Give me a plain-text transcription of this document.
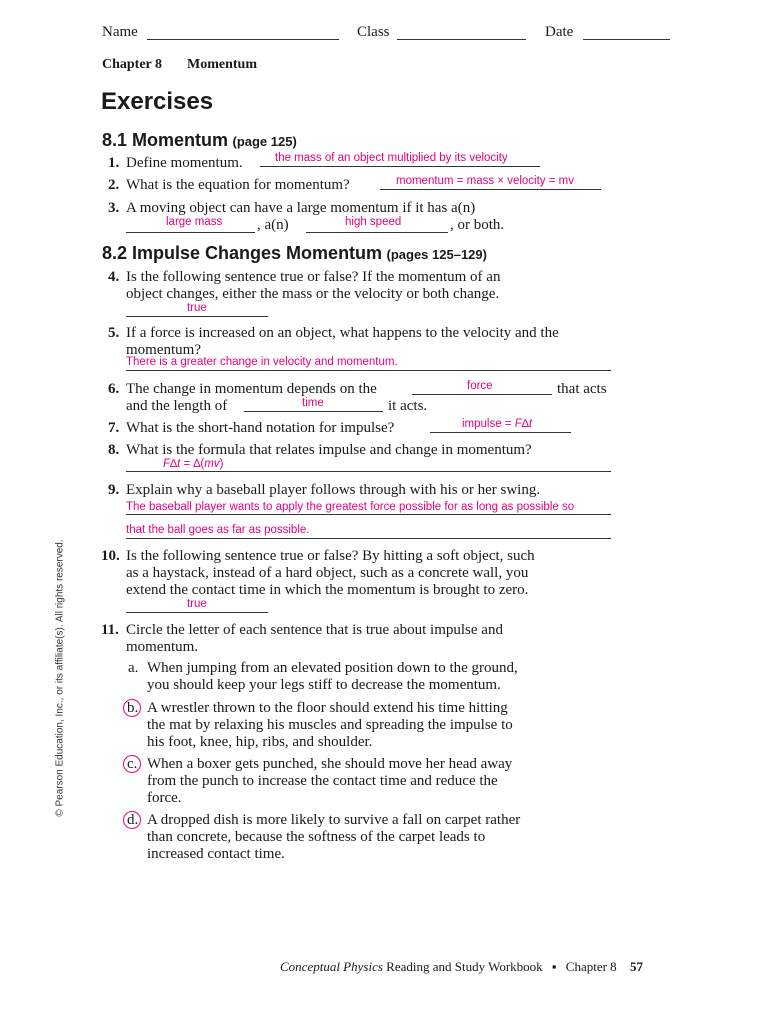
Name	Class	Date
Chapter 8 Momentum
Exercises
8.1 Momentum (page 125)
1. Define momentum.	the mass of an object multiplied by its velocity
2. What is the equation for momentum?	momentum = mass × velocity = mv
3. A moving object can have a large momentum if it has a(n)
large mass , a(n)	high speed	, or both.
8.2 Impulse Changes Momentum (pages 125–129)
4. Is the following sentence true or false? If the momentum of an
object changes, either the mass or the velocity or both change.
true
5. If a force is increased on an object, what happens to the velocity and the
momentum?
There is a greater change in velocity and momentum.
6. The change in momentum depends on the	force	that acts
and the length of	time	it acts.
7. What is the short-hand notation for impulse?	impulse = F∆t
8. What is the formula that relates impulse and change in momentum?
F∆t = ∆(mv)
9. Explain why a baseball player follows through with his or her swing.
The baseball player wants to apply the greatest force possible for as long as possible so
that the ball goes as far as possible.
10. Is the following sentence true or false? By hitting a soft object, such
as a haystack, instead of a hard object, such as a concrete wall, you
extend the contact time in which the momentum is brought to zero.
true
11. Circle the letter of each sentence that is true about impulse and
momentum.
a. When jumping from an elevated position down to the ground,
you should keep your legs stiff to decrease the momentum.
b. A wrestler thrown to the floor should extend his time hitting
the mat by relaxing his muscles and spreading the impulse to
his foot, knee, hip, ribs, and shoulder.
c. When a boxer gets punched, she should move her head away
from the punch to increase the contact time and reduce the
force.
d. A dropped dish is more likely to survive a fall on carpet rather
than concrete, because the softness of the carpet leads to
increased contact time.
© Pearson Education, Inc., or its affiliate(s). All rights reserved.
Conceptual Physics Reading and Study Workbook ▪ Chapter 8 57
